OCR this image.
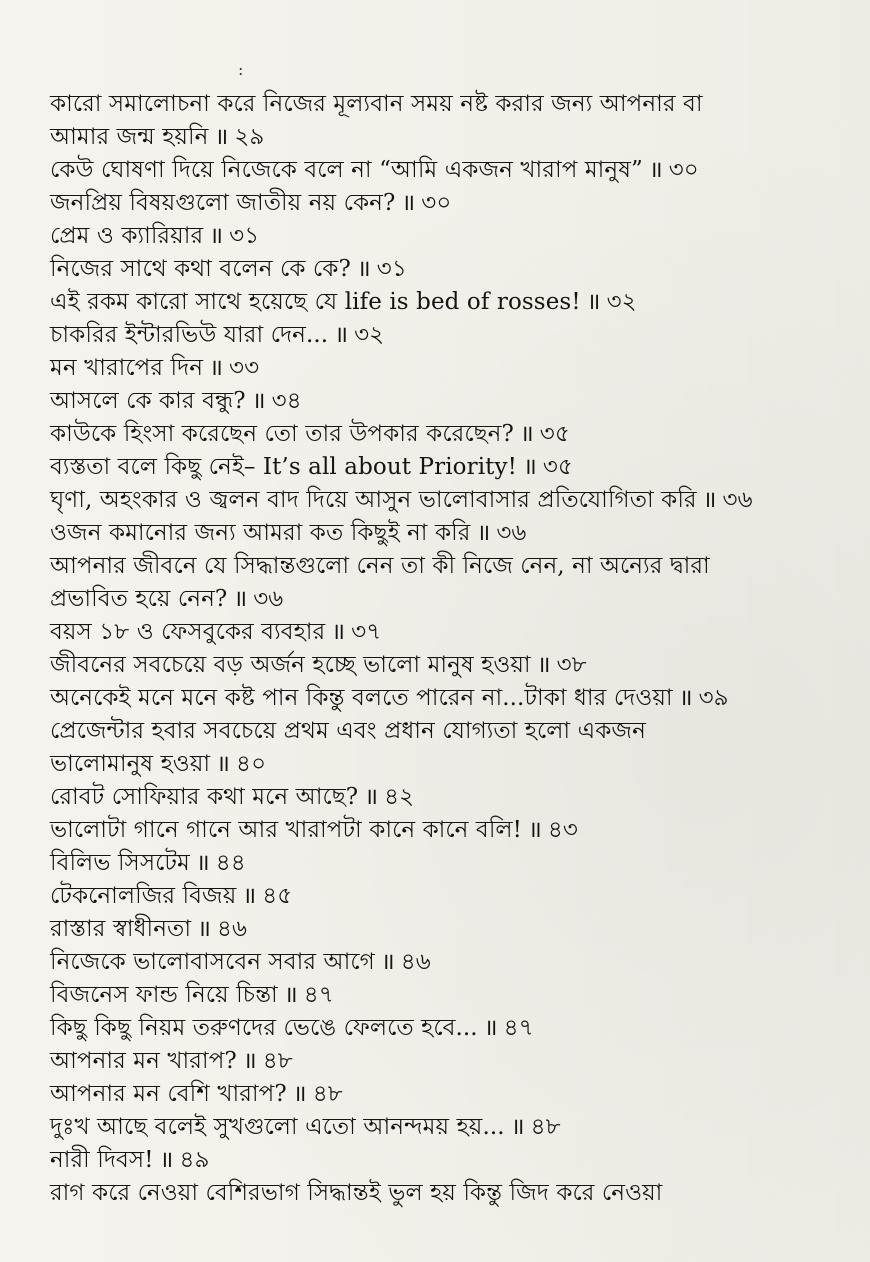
:
কারো সমালোচনা করে নিজের মূল্যবান সময় নষ্ট করার জন্য আপনার বা
আমার জন্ম হয়নি ॥ ২৯
কেউ ঘোষণা দিয়ে নিজেকে বলে না “আমি একজন খারাপ মানুষ” ॥ ৩০
জনপ্রিয় বিষয়গুলো জাতীয় নয় কেন? ॥ ৩০
প্রেম ও ক্যারিয়ার ॥ ৩১
নিজের সাথে কথা বলেন কে কে? ॥ ৩১
এই রকম কারো সাথে হয়েছে যে life is bed of rosses! ॥ ৩২
চাকরির ইন্টারভিউ যারা দেন... ॥ ৩২
মন খারাপের দিন ॥ ৩৩
আসলে কে কার বন্ধু? ॥ ৩৪
কাউকে হিংসা করেছেন তো তার উপকার করেছেন? ॥ ৩৫
ব্যস্ততা বলে কিছু নেই– It’s all about Priority! ॥ ৩৫
ঘৃণা, অহংকার ও জ্বলন বাদ দিয়ে আসুন ভালোবাসার প্রতিযোগিতা করি ॥ ৩৬
ওজন কমানোর জন্য আমরা কত কিছুই না করি ॥ ৩৬
আপনার জীবনে যে সিদ্ধান্তগুলো নেন তা কী নিজে নেন, না অন্যের দ্বারা
প্রভাবিত হয়ে নেন? ॥ ৩৬
বয়স ১৮ ও ফেসবুকের ব্যবহার ॥ ৩৭
জীবনের সবচেয়ে বড় অর্জন হচ্ছে ভালো মানুষ হওয়া ॥ ৩৮
অনেকেই মনে মনে কষ্ট পান কিন্তু বলতে পারেন না...টাকা ধার দেওয়া ॥ ৩৯
প্রেজেন্টার হবার সবচেয়ে প্রথম এবং প্রধান যোগ্যতা হলো একজন
ভালোমানুষ হওয়া ॥ ৪০
রোবট সোফিয়ার কথা মনে আছে? ॥ ৪২
ভালোটা গানে গানে আর খারাপটা কানে কানে বলি! ॥ ৪৩
বিলিভ সিসটেম ॥ ৪৪
টেকনোলজির বিজয় ॥ ৪৫
রাস্তার স্বাধীনতা ॥ ৪৬
নিজেকে ভালোবাসবেন সবার আগে ॥ ৪৬
বিজনেস ফান্ড নিয়ে চিন্তা ॥ ৪৭
কিছু কিছু নিয়ম তরুণদের ভেঙে ফেলতে হবে... ॥ ৪৭
আপনার মন খারাপ? ॥ ৪৮
আপনার মন বেশি খারাপ? ॥ ৪৮
দুঃখ আছে বলেই সুখগুলো এতো আনন্দময় হয়... ॥ ৪৮
নারী দিবস! ॥ ৪৯
রাগ করে নেওয়া বেশিরভাগ সিদ্ধান্তই ভুল হয় কিন্তু জিদ করে নেওয়া
